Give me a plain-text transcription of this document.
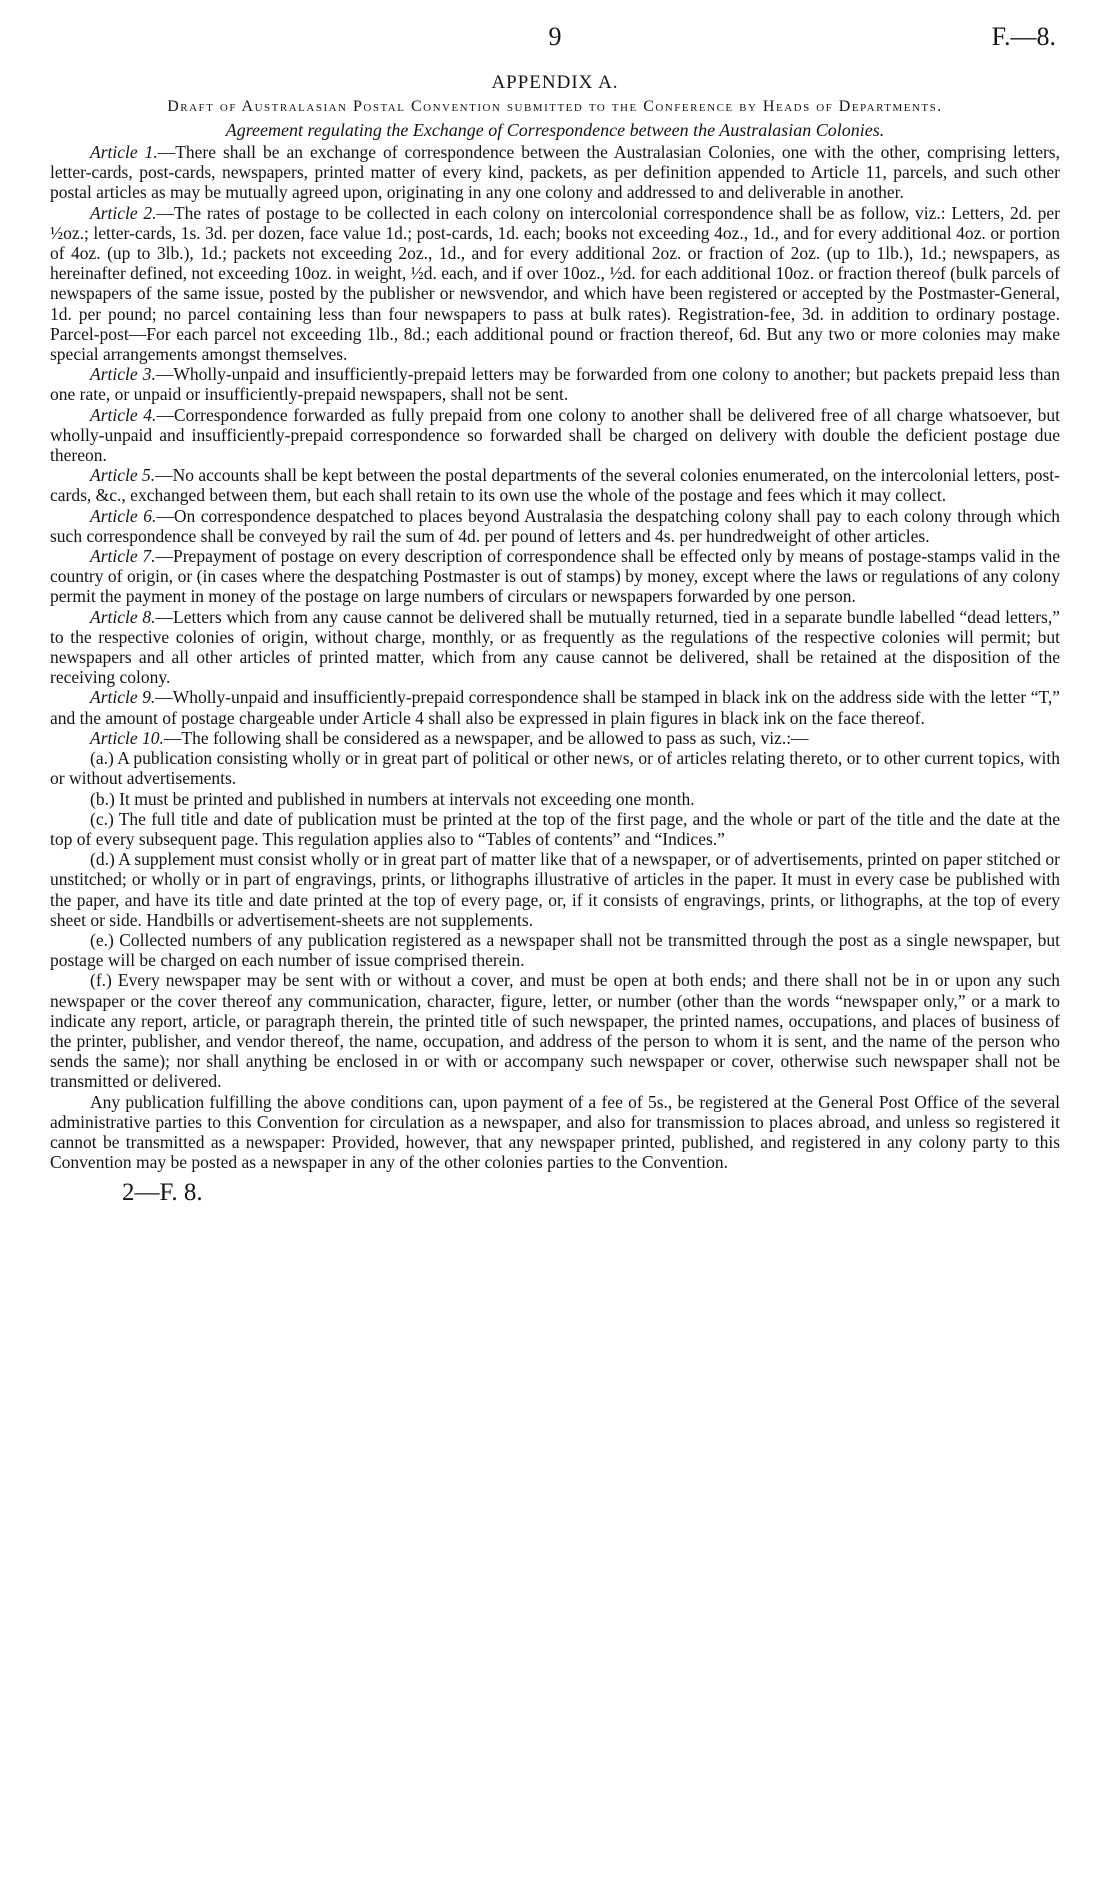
9	F.—8.
APPENDIX A.
Draft of Australasian Postal Convention submitted to the Conference by Heads of Departments.
Agreement regulating the Exchange of Correspondence between the Australasian Colonies.

Article 1.—There shall be an exchange of correspondence between the Australasian Colonies, one with the other, comprising letters, letter-cards, post-cards, newspapers, printed matter of every kind, packets, as per definition appended to Article 11, parcels, and such other postal articles as may be mutually agreed upon, originating in any one colony and addressed to and deliverable in another.

Article 2.—The rates of postage to be collected in each colony on intercolonial correspondence shall be as follow, viz.: Letters, 2d. per ½oz.; letter-cards, 1s. 3d. per dozen, face value 1d.; post-cards, 1d. each; books not exceeding 4oz., 1d., and for every additional 4oz. or portion of 4oz. (up to 3lb.), 1d.; packets not exceeding 2oz., 1d., and for every additional 2oz. or fraction of 2oz. (up to 1lb.), 1d.; newspapers, as hereinafter defined, not exceeding 10oz. in weight, ½d. each, and if over 10oz., ½d. for each additional 10oz. or fraction thereof (bulk parcels of newspapers of the same issue, posted by the publisher or newsvendor, and which have been registered or accepted by the Postmaster-General, 1d. per pound; no parcel containing less than four newspapers to pass at bulk rates). Registration-fee, 3d. in addition to ordinary postage. Parcel-post—For each parcel not exceeding 1lb., 8d.; each additional pound or fraction thereof, 6d. But any two or more colonies may make special arrangements amongst themselves.

Article 3.—Wholly-unpaid and insufficiently-prepaid letters may be forwarded from one colony to another; but packets prepaid less than one rate, or unpaid or insufficiently-prepaid newspapers, shall not be sent.

Article 4.—Correspondence forwarded as fully prepaid from one colony to another shall be delivered free of all charge whatsoever, but wholly-unpaid and insufficiently-prepaid correspondence so forwarded shall be charged on delivery with double the deficient postage due thereon.

Article 5.—No accounts shall be kept between the postal departments of the several colonies enumerated, on the intercolonial letters, post-cards, &c., exchanged between them, but each shall retain to its own use the whole of the postage and fees which it may collect.

Article 6.—On correspondence despatched to places beyond Australasia the despatching colony shall pay to each colony through which such correspondence shall be conveyed by rail the sum of 4d. per pound of letters and 4s. per hundredweight of other articles.

Article 7.—Prepayment of postage on every description of correspondence shall be effected only by means of postage-stamps valid in the country of origin, or (in cases where the despatching Postmaster is out of stamps) by money, except where the laws or regulations of any colony permit the payment in money of the postage on large numbers of circulars or newspapers forwarded by one person.

Article 8.—Letters which from any cause cannot be delivered shall be mutually returned, tied in a separate bundle labelled “dead letters,” to the respective colonies of origin, without charge, monthly, or as frequently as the regulations of the respective colonies will permit; but newspapers and all other articles of printed matter, which from any cause cannot be delivered, shall be retained at the disposition of the receiving colony.

Article 9.—Wholly-unpaid and insufficiently-prepaid correspondence shall be stamped in black ink on the address side with the letter “T,” and the amount of postage chargeable under Article 4 shall also be expressed in plain figures in black ink on the face thereof.

Article 10.—The following shall be considered as a newspaper, and be allowed to pass as such, viz.:—

(a.) A publication consisting wholly or in great part of political or other news, or of articles relating thereto, or to other current topics, with or without advertisements.

(b.) It must be printed and published in numbers at intervals not exceeding one month.

(c.) The full title and date of publication must be printed at the top of the first page, and the whole or part of the title and the date at the top of every subsequent page. This regulation applies also to “Tables of contents” and “Indices.”

(d.) A supplement must consist wholly or in great part of matter like that of a newspaper, or of advertisements, printed on paper stitched or unstitched; or wholly or in part of engravings, prints, or lithographs illustrative of articles in the paper. It must in every case be published with the paper, and have its title and date printed at the top of every page, or, if it consists of engravings, prints, or lithographs, at the top of every sheet or side. Handbills or advertisement-sheets are not supplements.

(e.) Collected numbers of any publication registered as a newspaper shall not be transmitted through the post as a single newspaper, but postage will be charged on each number of issue comprised therein.

(f.) Every newspaper may be sent with or without a cover, and must be open at both ends; and there shall not be in or upon any such newspaper or the cover thereof any communication, character, figure, letter, or number (other than the words “newspaper only,” or a mark to indicate any report, article, or paragraph therein, the printed title of such newspaper, the printed names, occupations, and places of business of the printer, publisher, and vendor thereof, the name, occupation, and address of the person to whom it is sent, and the name of the person who sends the same); nor shall anything be enclosed in or with or accompany such newspaper or cover, otherwise such newspaper shall not be transmitted or delivered.

Any publication fulfilling the above conditions can, upon payment of a fee of 5s., be registered at the General Post Office of the several administrative parties to this Convention for circulation as a newspaper, and also for transmission to places abroad, and unless so registered it cannot be transmitted as a newspaper: Provided, however, that any newspaper printed, published, and registered in any colony party to this Convention may be posted as a newspaper in any of the other colonies parties to the Convention.

2—F. 8.
